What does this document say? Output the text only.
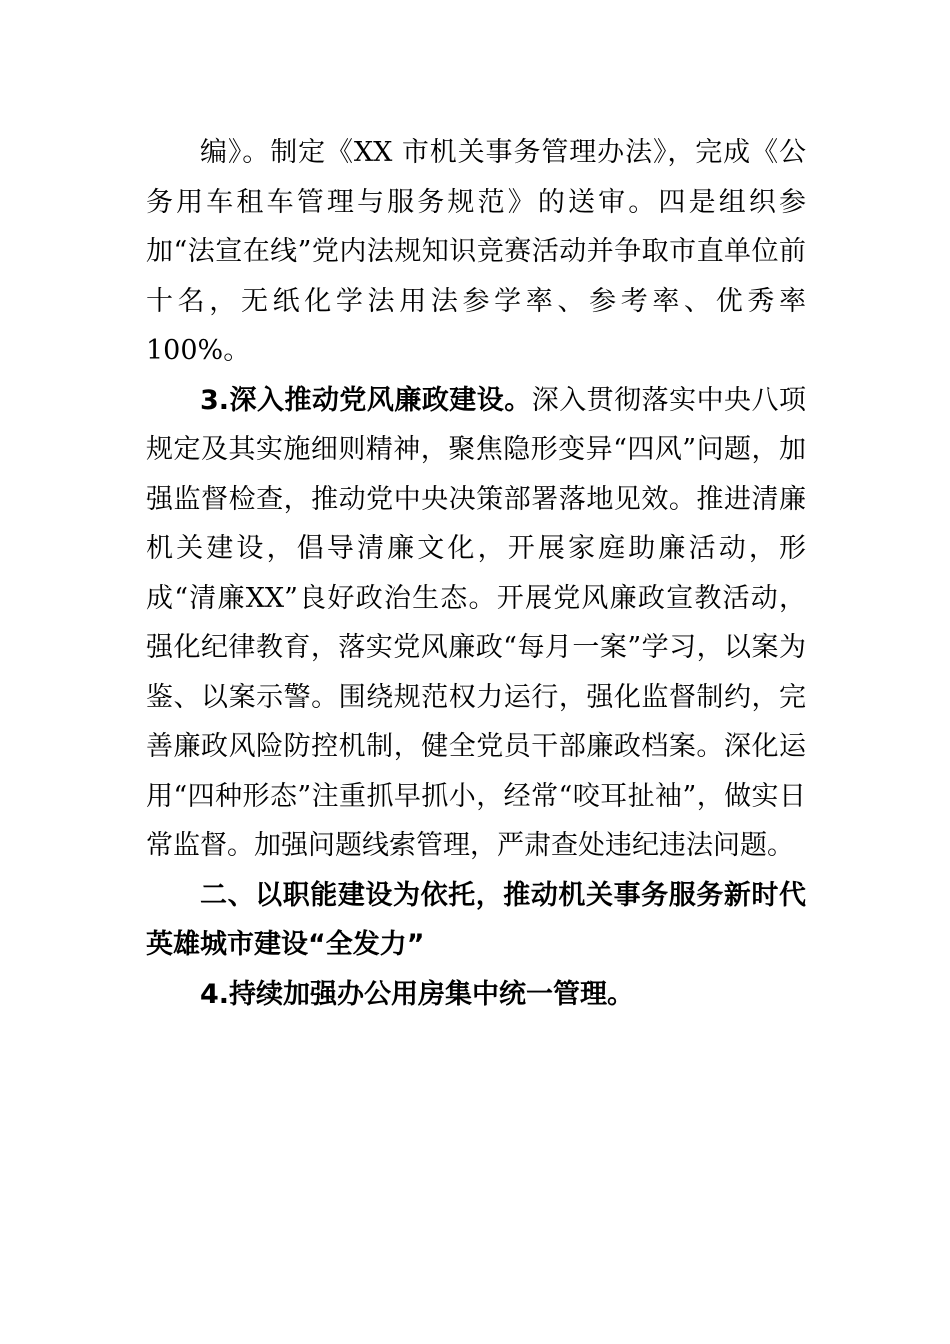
编》。制定《XX 市机关事务管理办法》，完成《公务用车租车管理与服务规范》的送审。四是组织参加“法宣在线”党内法规知识竞赛活动并争取市直单位前十名，无纸化学法用法参学率、参考率、优秀率100%。

3.深入推动党风廉政建设。深入贯彻落实中央八项规定及其实施细则精神，聚焦隐形变异“四风”问题，加强监督检查，推动党中央决策部署落地见效。推进清廉机关建设，倡导清廉文化，开展家庭助廉活动，形成“清廉XX”良好政治生态。开展党风廉政宣教活动，强化纪律教育，落实党风廉政“每月一案”学习，以案为鉴、以案示警。围绕规范权力运行，强化监督制约，完善廉政风险防控机制，健全党员干部廉政档案。深化运用“四种形态”注重抓早抓小，经常“咬耳扯袖”，做实日常监督。加强问题线索管理，严肃查处违纪违法问题。

二、以职能建设为依托，推动机关事务服务新时代英雄城市建设“全发力”

4.持续加强办公用房集中统一管理。
